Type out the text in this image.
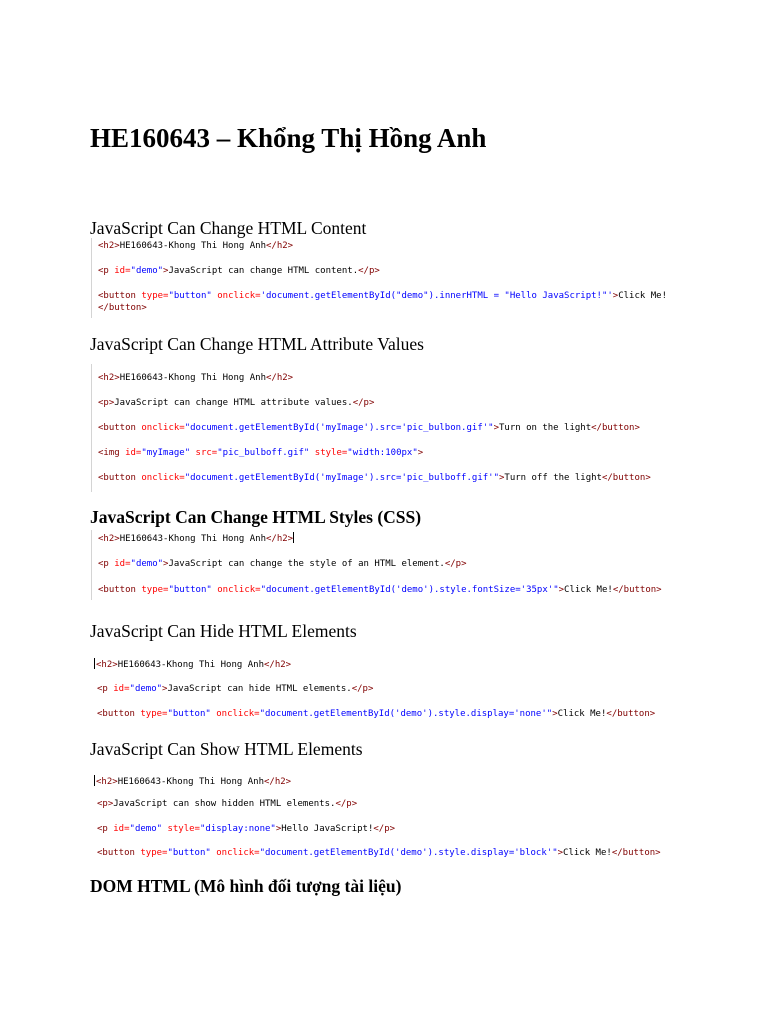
HE160643 – Khổng Thị Hồng Anh
JavaScript Can Change HTML Content
<h2>HE160643-Khong Thi Hong Anh</h2>
<p id="demo">JavaScript can change HTML content.</p>
<button type="button" onclick='document.getElementById("demo").innerHTML = "Hello JavaScript!"'>Click Me!
</button>
JavaScript Can Change HTML Attribute Values
<h2>HE160643-Khong Thi Hong Anh</h2>
<p>JavaScript can change HTML attribute values.</p>
<button onclick="document.getElementById('myImage').src='pic_bulbon.gif'">Turn on the light</button>
<img id="myImage" src="pic_bulboff.gif" style="width:100px">
<button onclick="document.getElementById('myImage').src='pic_bulboff.gif'">Turn off the light</button>
JavaScript Can Change HTML Styles (CSS)
<h2>HE160643-Khong Thi Hong Anh</h2>
<p id="demo">JavaScript can change the style of an HTML element.</p>
<button type="button" onclick="document.getElementById('demo').style.fontSize='35px'">Click Me!</button>
JavaScript Can Hide HTML Elements
<h2>HE160643-Khong Thi Hong Anh</h2>
<p id="demo">JavaScript can hide HTML elements.</p>
<button type="button" onclick="document.getElementById('demo').style.display='none'">Click Me!</button>
JavaScript Can Show HTML Elements
<h2>HE160643-Khong Thi Hong Anh</h2>
<p>JavaScript can show hidden HTML elements.</p>
<p id="demo" style="display:none">Hello JavaScript!</p>
<button type="button" onclick="document.getElementById('demo').style.display='block'">Click Me!</button>
DOM HTML (Mô hình đối tượng tài liệu)
